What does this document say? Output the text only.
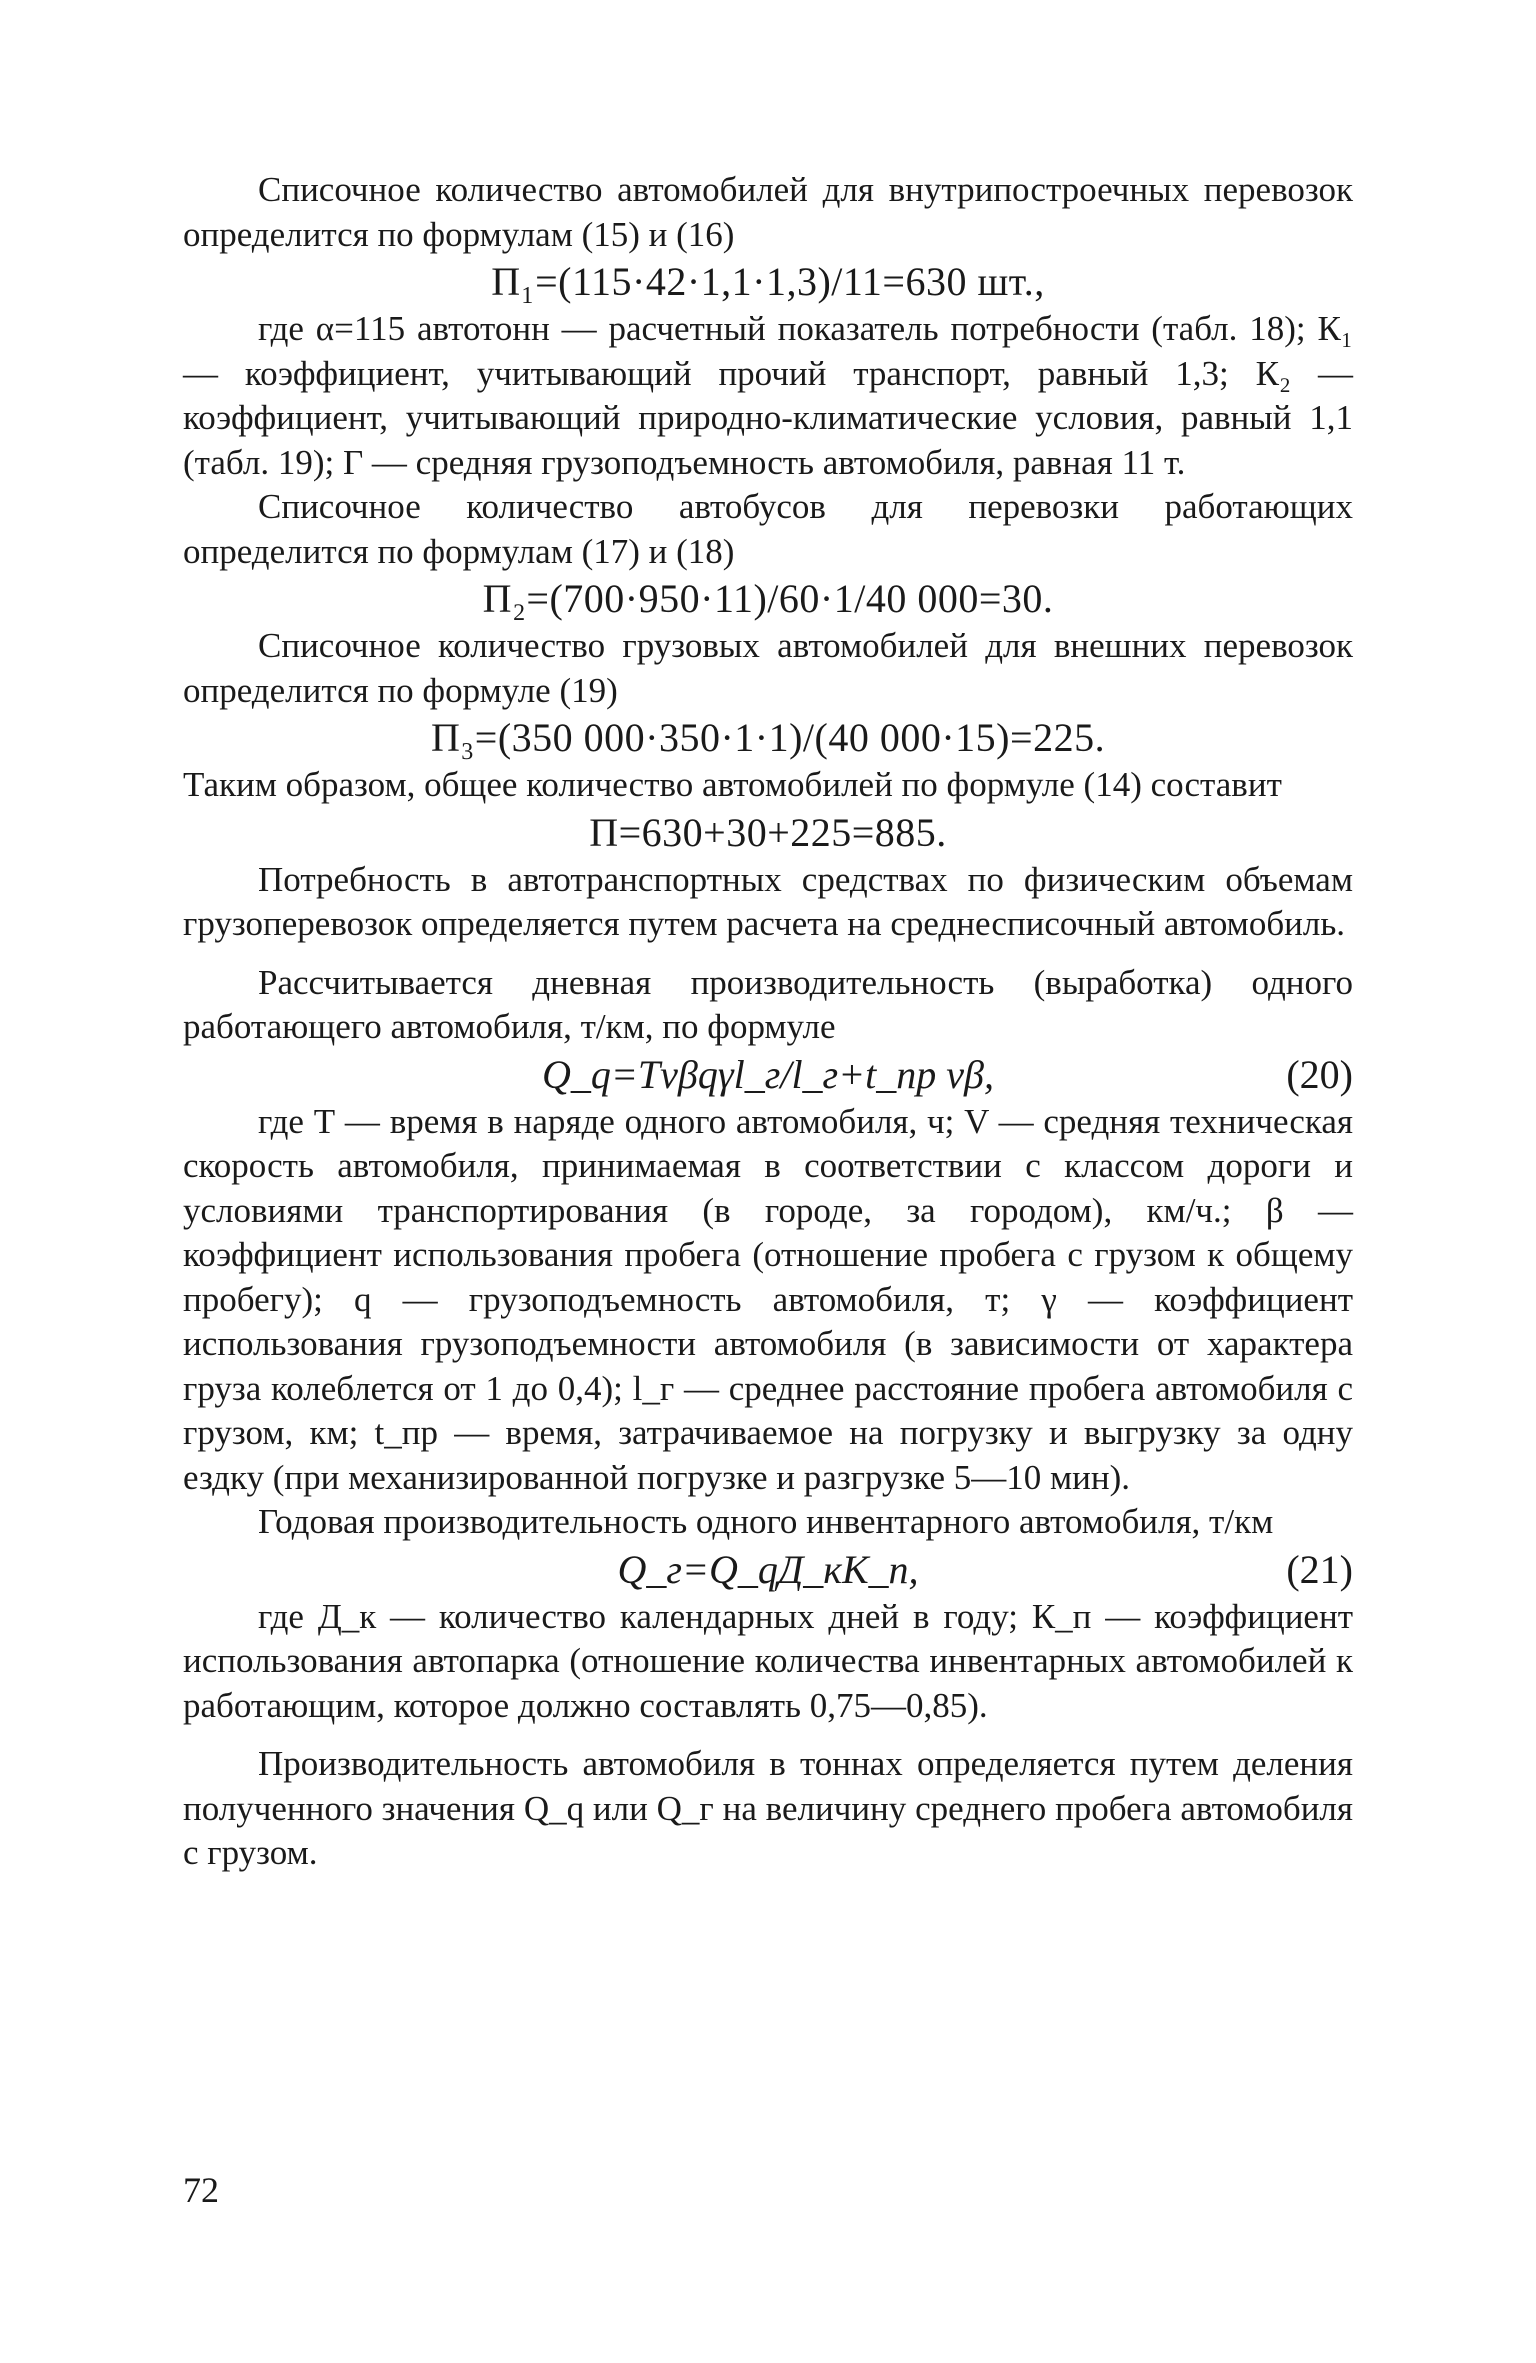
Списочное количество автомобилей для внутрипостроечных перевозок определится по формулам (15) и (16)

П₁=(115·42·1,1·1,3)/11=630 шт.,

где α=115 автотонн — расчетный показатель потребности (табл. 18); К₁ — коэффициент, учитывающий прочий транспорт, равный 1,3; К₂ — коэффициент, учитывающий природно-климатические условия, равный 1,1 (табл. 19); Г — средняя грузоподъемность автомобиля, равная 11 т.

Списочное количество автобусов для перевозки работающих определится по формулам (17) и (18)

П₂=(700·950·11)/60·1/40 000=30.

Списочное количество грузовых автомобилей для внешних перевозок определится по формуле (19)

П₃=(350 000·350·1·1)/(40 000·15)=225.

Таким образом, общее количество автомобилей по формуле (14) составит

П=630+30+225=885.

Потребность в автотранспортных средствах по физическим объемам грузоперевозок определяется путем расчета на среднесписочный автомобиль.

Рассчитывается дневная производительность (выработка) одного работающего автомобиля, т/км, по формуле

Q_q=Tvβqγl_г/l_г+t_пр vβ,	(20)

где Т — время в наряде одного автомобиля, ч; V — средняя техническая скорость автомобиля, принимаемая в соответствии с классом дороги и условиями транспортирования (в городе, за городом), км/ч.; β — коэффициент использования пробега (отношение пробега с грузом к общему пробегу); q — грузоподъемность автомобиля, т; γ — коэффициент использования грузоподъемности автомобиля (в зависимости от характера груза колеблется от 1 до 0,4); l_г — среднее расстояние пробега автомобиля с грузом, км; t_пр — время, затрачиваемое на погрузку и выгрузку за одну ездку (при механизированной погрузке и разгрузке 5—10 мин).

Годовая производительность одного инвентарного автомобиля, т/км

Q_г=Q_qД_кК_п,	(21)

где Д_к — количество календарных дней в году; К_п — коэффициент использования автопарка (отношение количества инвентарных автомобилей к работающим, которое должно составлять 0,75—0,85).

Производительность автомобиля в тоннах определяется путем деления полученного значения Q_q или Q_г на величину среднего пробега автомобиля с грузом.

72
